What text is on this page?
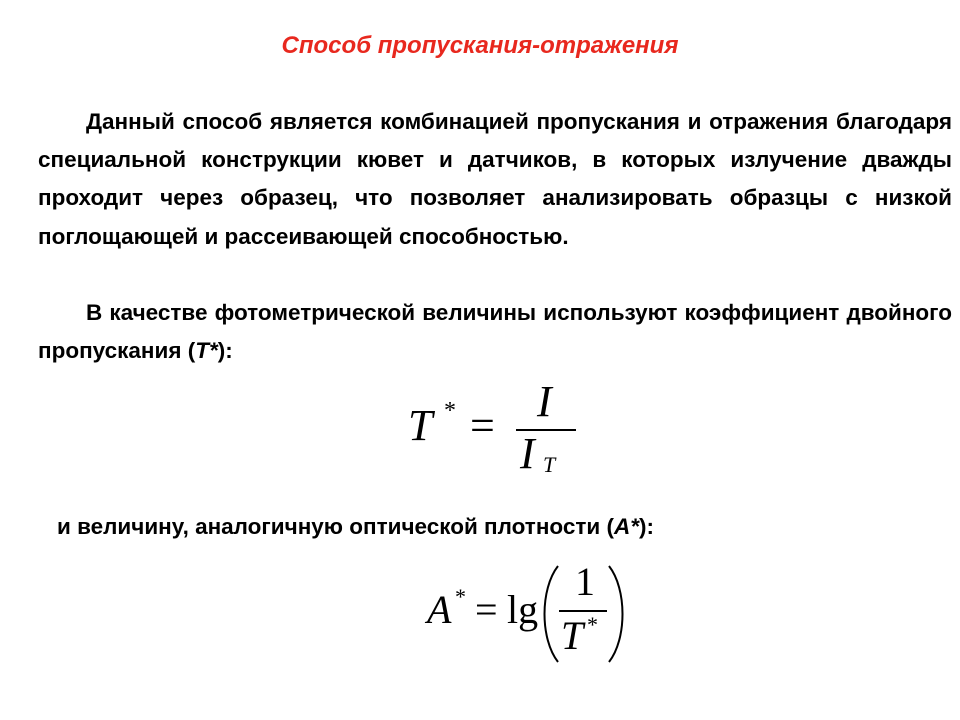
Способ пропускания-отражения
Данный способ является комбинацией пропускания и отражения благодаря специальной конструкции кювет и датчиков, в которых излучение дважды проходит через образец, что позволяет анализировать образцы с низкой поглощающей и рассеивающей способностью.
В качестве фотометрической величины используют коэффициент двойного пропускания (T*):
T * = I
I T
и величину, аналогичную оптической плотности (A*):
A * = lg
1
T *
